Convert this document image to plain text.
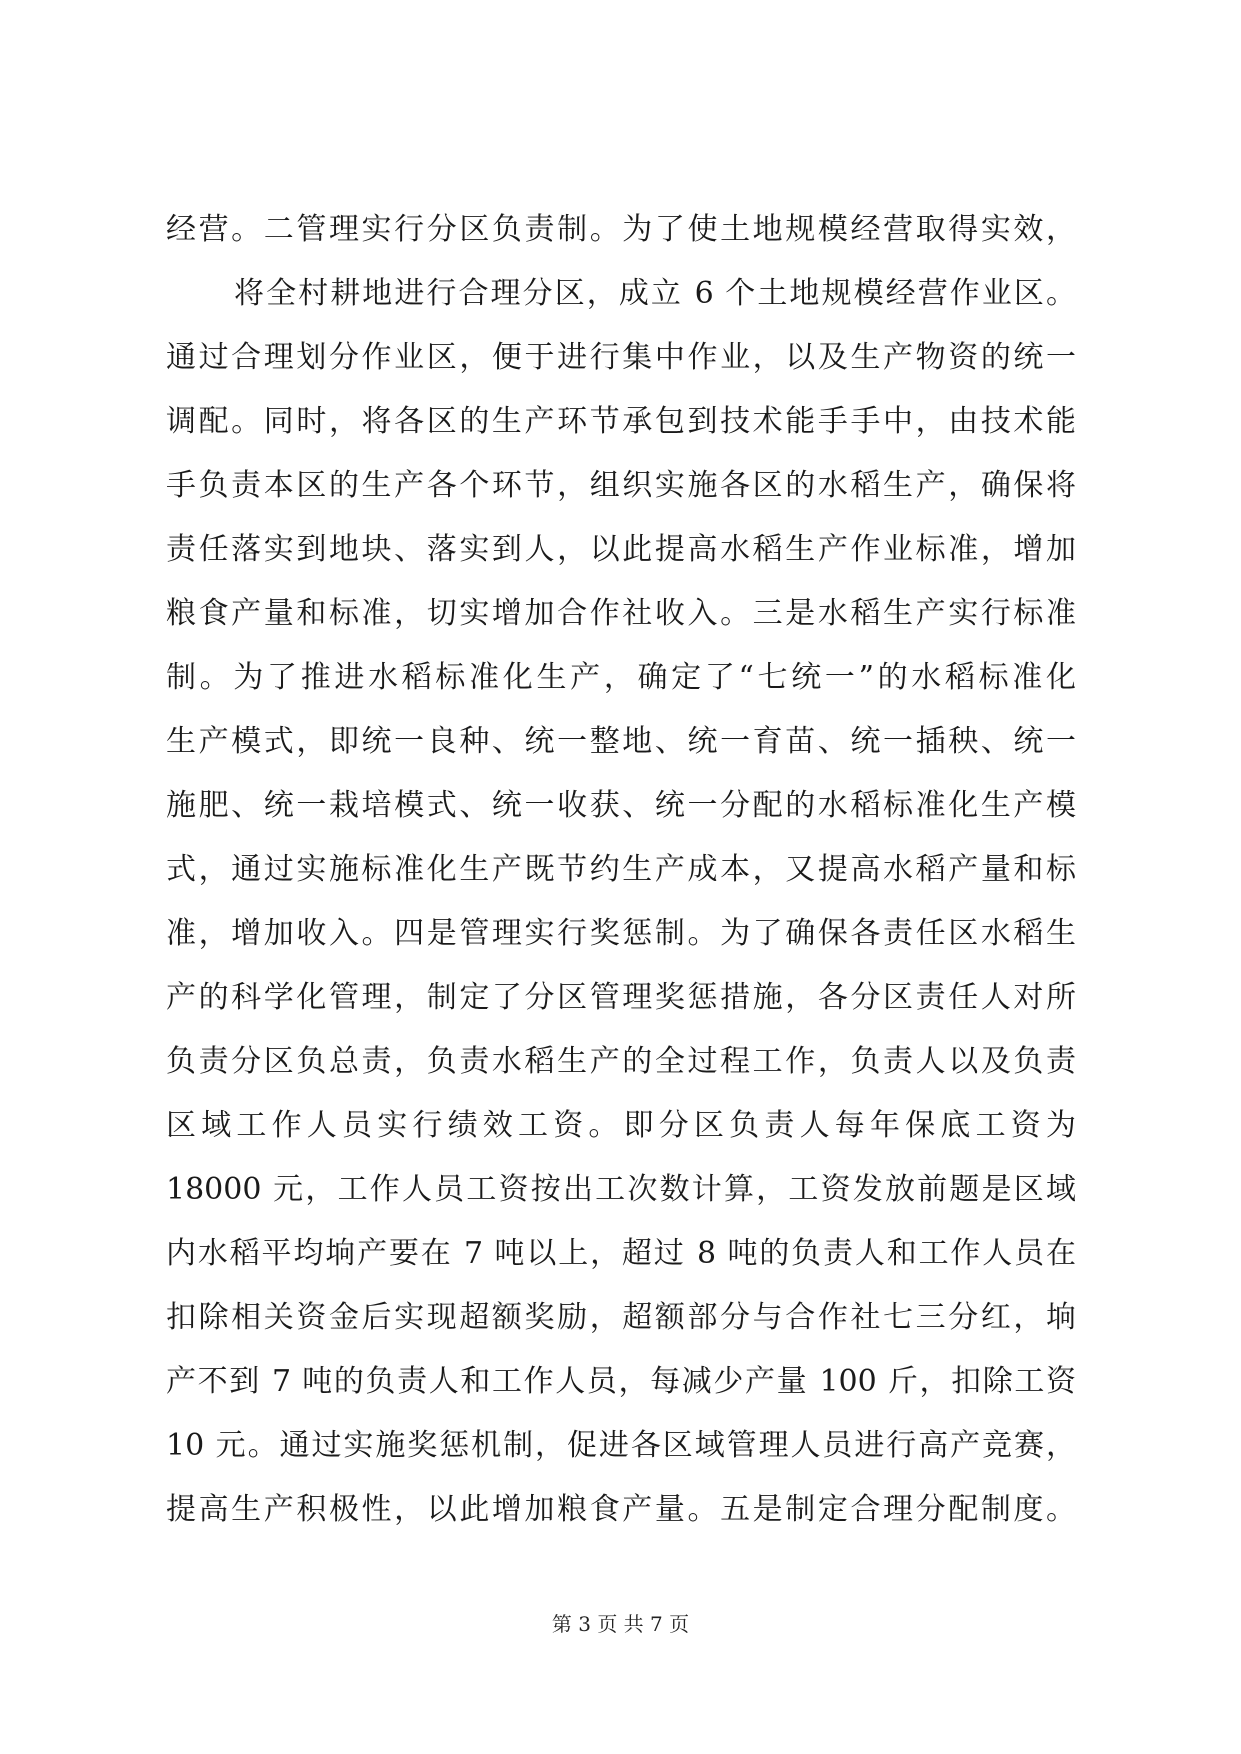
经营。二管理实行分区负责制。为了使土地规模经营取得实效，
将全村耕地进行合理分区，成立 6 个土地规模经营作业区。
通过合理划分作业区，便于进行集中作业，以及生产物资的统一
调配。同时，将各区的生产环节承包到技术能手手中，由技术能
手负责本区的生产各个环节，组织实施各区的水稻生产，确保将
责任落实到地块、落实到人，以此提高水稻生产作业标准，增加
粮食产量和标准，切实增加合作社收入。三是水稻生产实行标准
制。为了推进水稻标准化生产，确定了“七统一”的水稻标准化
生产模式，即统一良种、统一整地、统一育苗、统一插秧、统一
施肥、统一栽培模式、统一收获、统一分配的水稻标准化生产模
式，通过实施标准化生产既节约生产成本，又提高水稻产量和标
准，增加收入。四是管理实行奖惩制。为了确保各责任区水稻生
产的科学化管理，制定了分区管理奖惩措施，各分区责任人对所
负责分区负总责，负责水稻生产的全过程工作，负责人以及负责
区域工作人员实行绩效工资。即分区负责人每年保底工资为
18000 元，工作人员工资按出工次数计算，工资发放前题是区域
内水稻平均垧产要在 7 吨以上，超过 8 吨的负责人和工作人员在
扣除相关资金后实现超额奖励，超额部分与合作社七三分红，垧
产不到 7 吨的负责人和工作人员，每减少产量 100 斤，扣除工资
10 元。通过实施奖惩机制，促进各区域管理人员进行高产竞赛，
提高生产积极性，以此增加粮食产量。五是制定合理分配制度。
第 3 页 共 7 页
